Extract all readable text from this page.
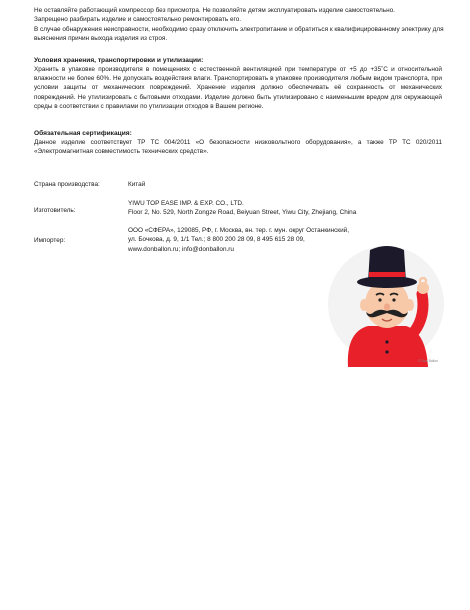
Не оставляйте работающий компрессор без присмотра. Не позволяйте детям эксплуатировать изделие самостоятельно.

Запрещено разбирать изделие и самостоятельно ремонтировать его.

В случае обнаружения неисправности, необходимо сразу отключить электропитание и обратиться к квалифицированному электрику для выяснения причин выхода изделия из строя.

Условия хранения, транспортировки и утилизации:
Хранить в упаковке производителя в помещениях с естественной вентиляцией при температуре от +5 до +35˚С и относительной влажности не более 60%. Не допускать воздействия влаги. Транспортировать в упаковке производителя любым видом транспорта, при условии защиты от механических повреждений. Хранение изделия должно обеспечивать её сохранность от механических повреждений. Не утилизировать с бытовыми отходами. Изделие должно быть утилизировано с наименьшим вредом для окружающей среды в соответствии с правилами по утилизации отходов в Вашем регионе.
Обязательная сертификация:
Данное изделие соответствует ТР ТС 004/2011 «О безопасности низковольтного оборудования», а также ТР ТС 020/2011 «Электромагнитная совместимость технических средств».
Страна производства:	Китай
Изготовитель:
YIWU TOP EASE IMP. & EXP. CO., LTD.
Floor 2, No. 529, North Zongze Road, Beiyuan Street, Yiwu City, Zhejiang, China
Импортер:
ООО «СФЕРА», 129085, РФ, г. Москва, вн. тер. г. мун. округ Останкинский,
ул. Бочкова, д. 9, 1/1 Тел.; 8 800 200 28 09, 8 495 615 28 09,
www.donballon.ru; info@donballon.ru
© Don Ballon
